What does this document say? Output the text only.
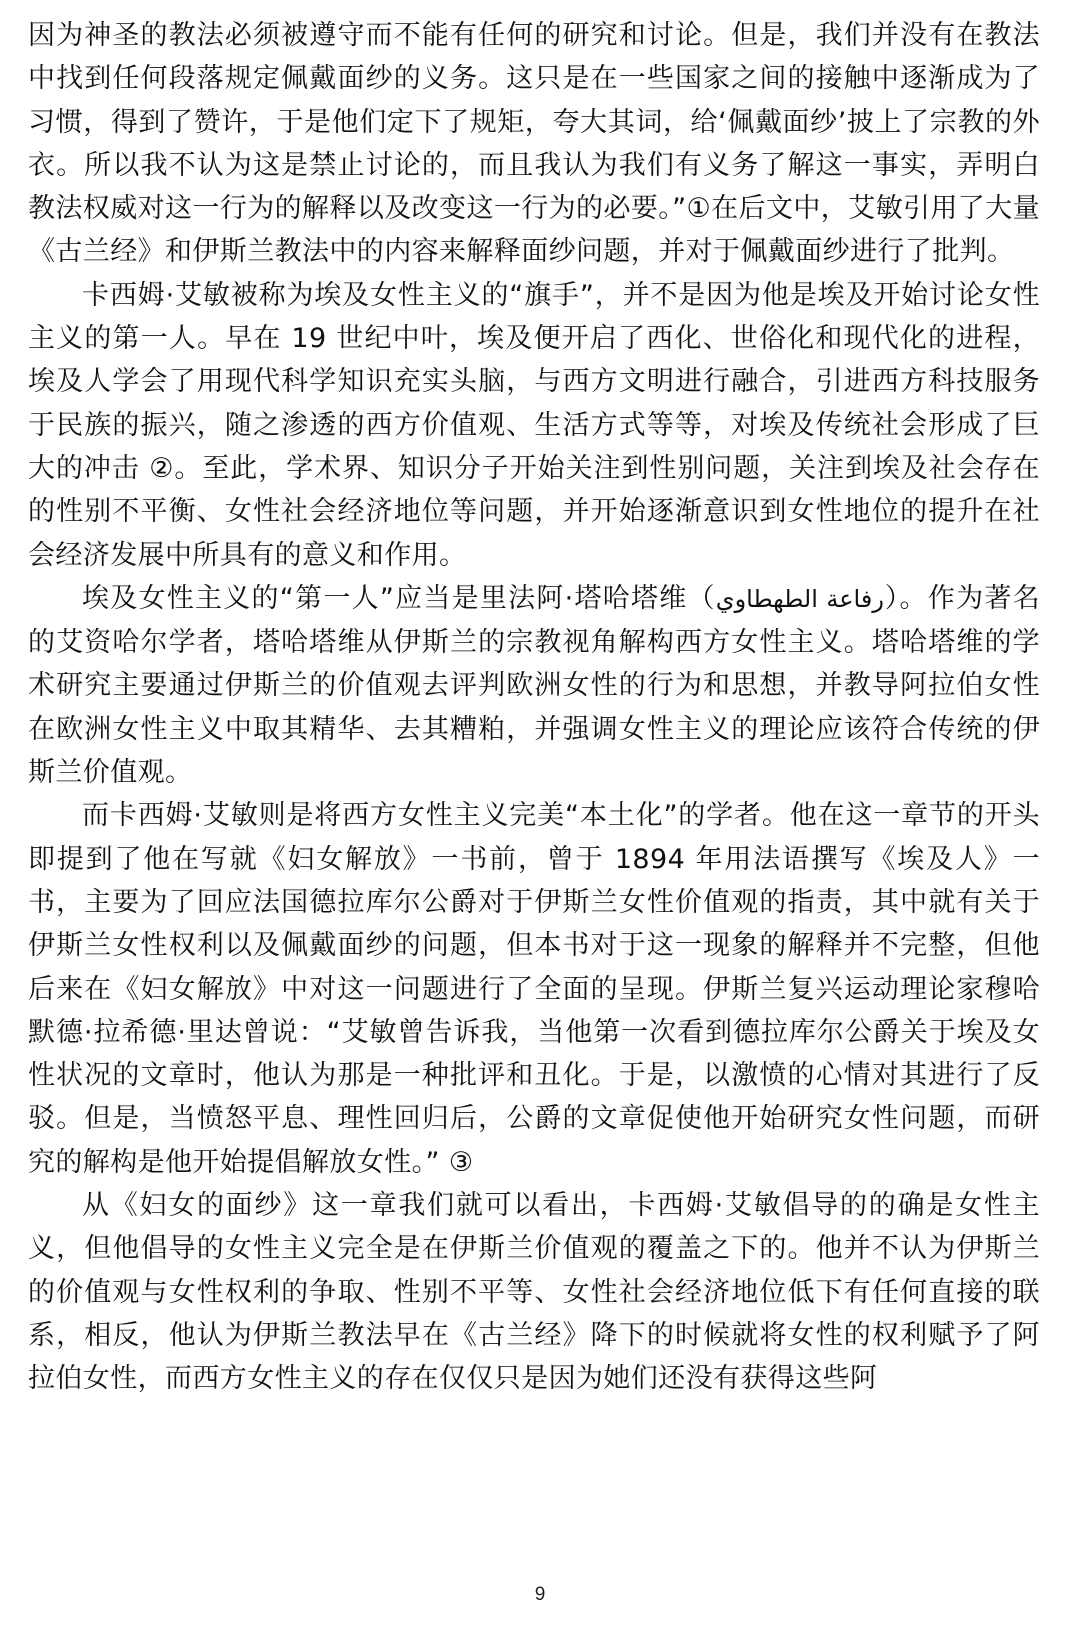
因为神圣的教法必须被遵守而不能有任何的研究和讨论。但是，我们并没有在教法中找到任何段落规定佩戴面纱的义务。这只是在一些国家之间的接触中逐渐成为了习惯，得到了赞许，于是他们定下了规矩，夸大其词，给‘佩戴面纱’披上了宗教的外衣。所以我不认为这是禁止讨论的，而且我认为我们有义务了解这一事实，弄明白教法权威对这一行为的解释以及改变这一行为的必要。”①在后文中，艾敏引用了大量《古兰经》和伊斯兰教法中的内容来解释面纱问题，并对于佩戴面纱进行了批判。

卡西姆·艾敏被称为埃及女性主义的“旗手”，并不是因为他是埃及开始讨论女性主义的第一人。早在 19 世纪中叶，埃及便开启了西化、世俗化和现代化的进程，埃及人学会了用现代科学知识充实头脑，与西方文明进行融合，引进西方科技服务于民族的振兴，随之渗透的西方价值观、生活方式等等，对埃及传统社会形成了巨大的冲击 ②。至此，学术界、知识分子开始关注到性别问题，关注到埃及社会存在的性别不平衡、女性社会经济地位等问题，并开始逐渐意识到女性地位的提升在社会经济发展中所具有的意义和作用。

埃及女性主义的“第一人”应当是里法阿·塔哈塔维（رفاعة الطهطاوي）。作为著名的艾资哈尔学者，塔哈塔维从伊斯兰的宗教视角解构西方女性主义。塔哈塔维的学术研究主要通过伊斯兰的价值观去评判欧洲女性的行为和思想，并教导阿拉伯女性在欧洲女性主义中取其精华、去其糟粕，并强调女性主义的理论应该符合传统的伊斯兰价值观。

而卡西姆·艾敏则是将西方女性主义完美“本土化”的学者。他在这一章节的开头即提到了他在写就《妇女解放》一书前，曾于 1894 年用法语撰写《埃及人》一书，主要为了回应法国德拉库尔公爵对于伊斯兰女性价值观的指责，其中就有关于伊斯兰女性权利以及佩戴面纱的问题，但本书对于这一现象的解释并不完整，但他后来在《妇女解放》中对这一问题进行了全面的呈现。伊斯兰复兴运动理论家穆哈默德·拉希德·里达曾说：“艾敏曾告诉我，当他第一次看到德拉库尔公爵关于埃及女性状况的文章时，他认为那是一种批评和丑化。于是，以激愤的心情对其进行了反驳。但是，当愤怒平息、理性回归后，公爵的文章促使他开始研究女性问题，而研究的解构是他开始提倡解放女性。” ③

从《妇女的面纱》这一章我们就可以看出，卡西姆·艾敏倡导的的确是女性主义，但他倡导的女性主义完全是在伊斯兰价值观的覆盖之下的。他并不认为伊斯兰的价值观与女性权利的争取、性别不平等、女性社会经济地位低下有任何直接的联系，相反，他认为伊斯兰教法早在《古兰经》降下的时候就将女性的权利赋予了阿拉伯女性，而西方女性主义的存在仅仅只是因为她们还没有获得这些阿

9
